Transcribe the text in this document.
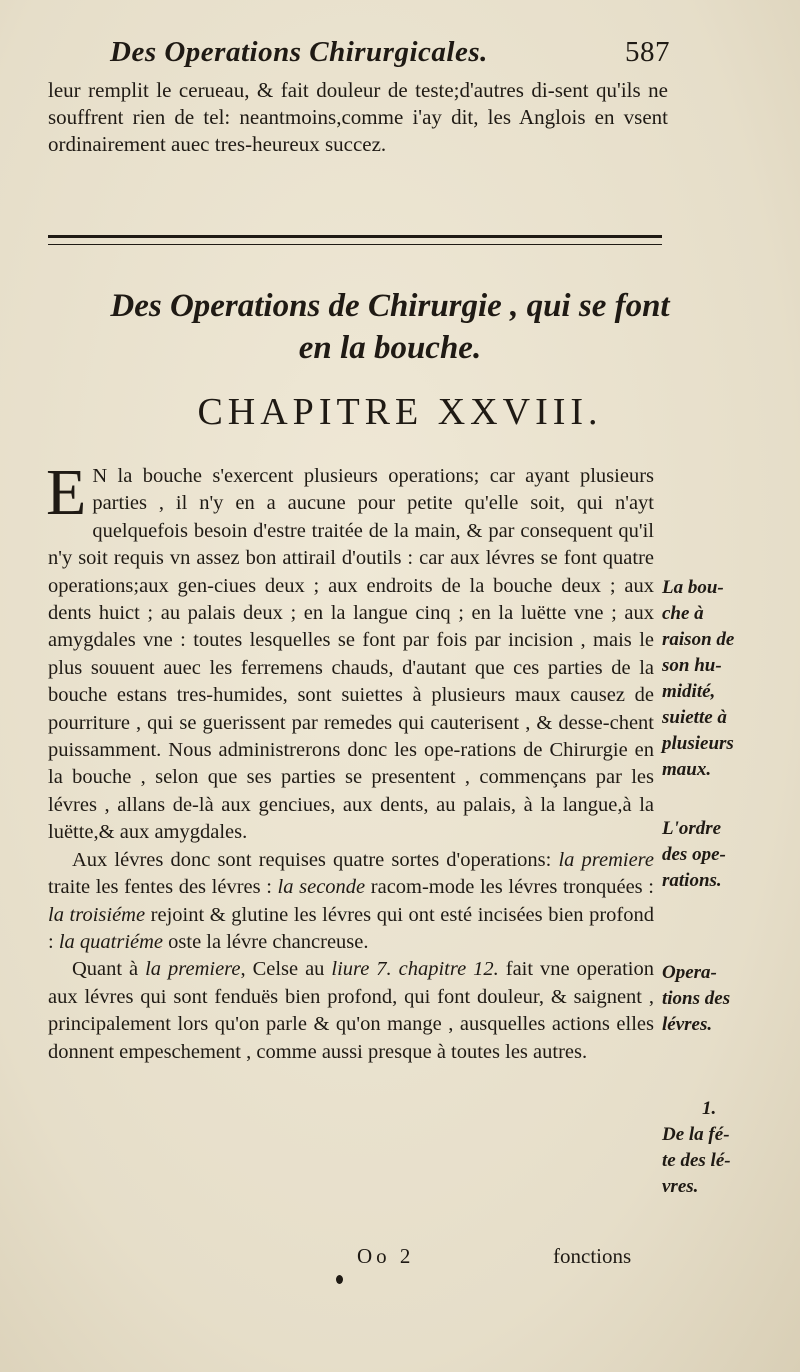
Des Operations Chirurgicales.	587
leur remplit le cerueau, & fait douleur de teste;d'autres di-sent qu'ils ne souffrent rien de tel: neantmoins,comme i'ay dit, les Anglois en vsent ordinairement auec tres-heureux succez.
Des Operations de Chirurgie , qui se font
en la bouche.
CHAPITRE XXVIII.

E N la bouche s'exercent plusieurs operations; car ayant plusieurs parties , il n'y en a aucune pour petite qu'elle soit, qui n'ayt quelquefois besoin d'estre traitée de la main, & par consequent qu'il n'y soit requis vn assez bon attirail d'outils : car aux lévres se font quatre operations;aux gen-ciues deux ; aux endroits de la bouche deux ; aux dents huict ; au palais deux ; en la langue cinq ; en la luëtte vne ; aux amygdales vne : toutes lesquelles se font par fois par incision , mais le plus souuent auec les ferremens chauds, d'autant que ces parties de la bouche estans tres-humides, sont suiettes à plusieurs maux causez de pourriture , qui se guerissent par remedes qui cauterisent , & desse-chent puissamment. Nous administrerons donc les ope-rations de Chirurgie en la bouche , selon que ses parties se presentent , commençans par les lévres , allans de-là aux genciues, aux dents, au palais, à la langue,à la luëtte,& aux amygdales.

Aux lévres donc sont requises quatre sortes d'operations: la premiere traite les fentes des lévres : la seconde racom-mode les lévres tronquées : la troisiéme rejoint & glutine les lévres qui ont esté incisées bien profond : la quatriéme oste la lévre chancreuse.

Quant à la premiere, Celse au liure 7. chapitre 12. fait vne operation aux lévres qui sont fenduës bien profond, qui font douleur, & saignent , principalement lors qu'on parle & qu'on mange , ausquelles actions elles donnent empeschement , comme aussi presque à toutes les autres.

La bou-
che à
raison de
son hu-
midité,
suiette à
plusieurs
maux.
L'ordre
des ope-
rations.
Opera-
tions des
lévres.
1.
De la fé-
te des lé-
vres.
Oo 2	fonctions
